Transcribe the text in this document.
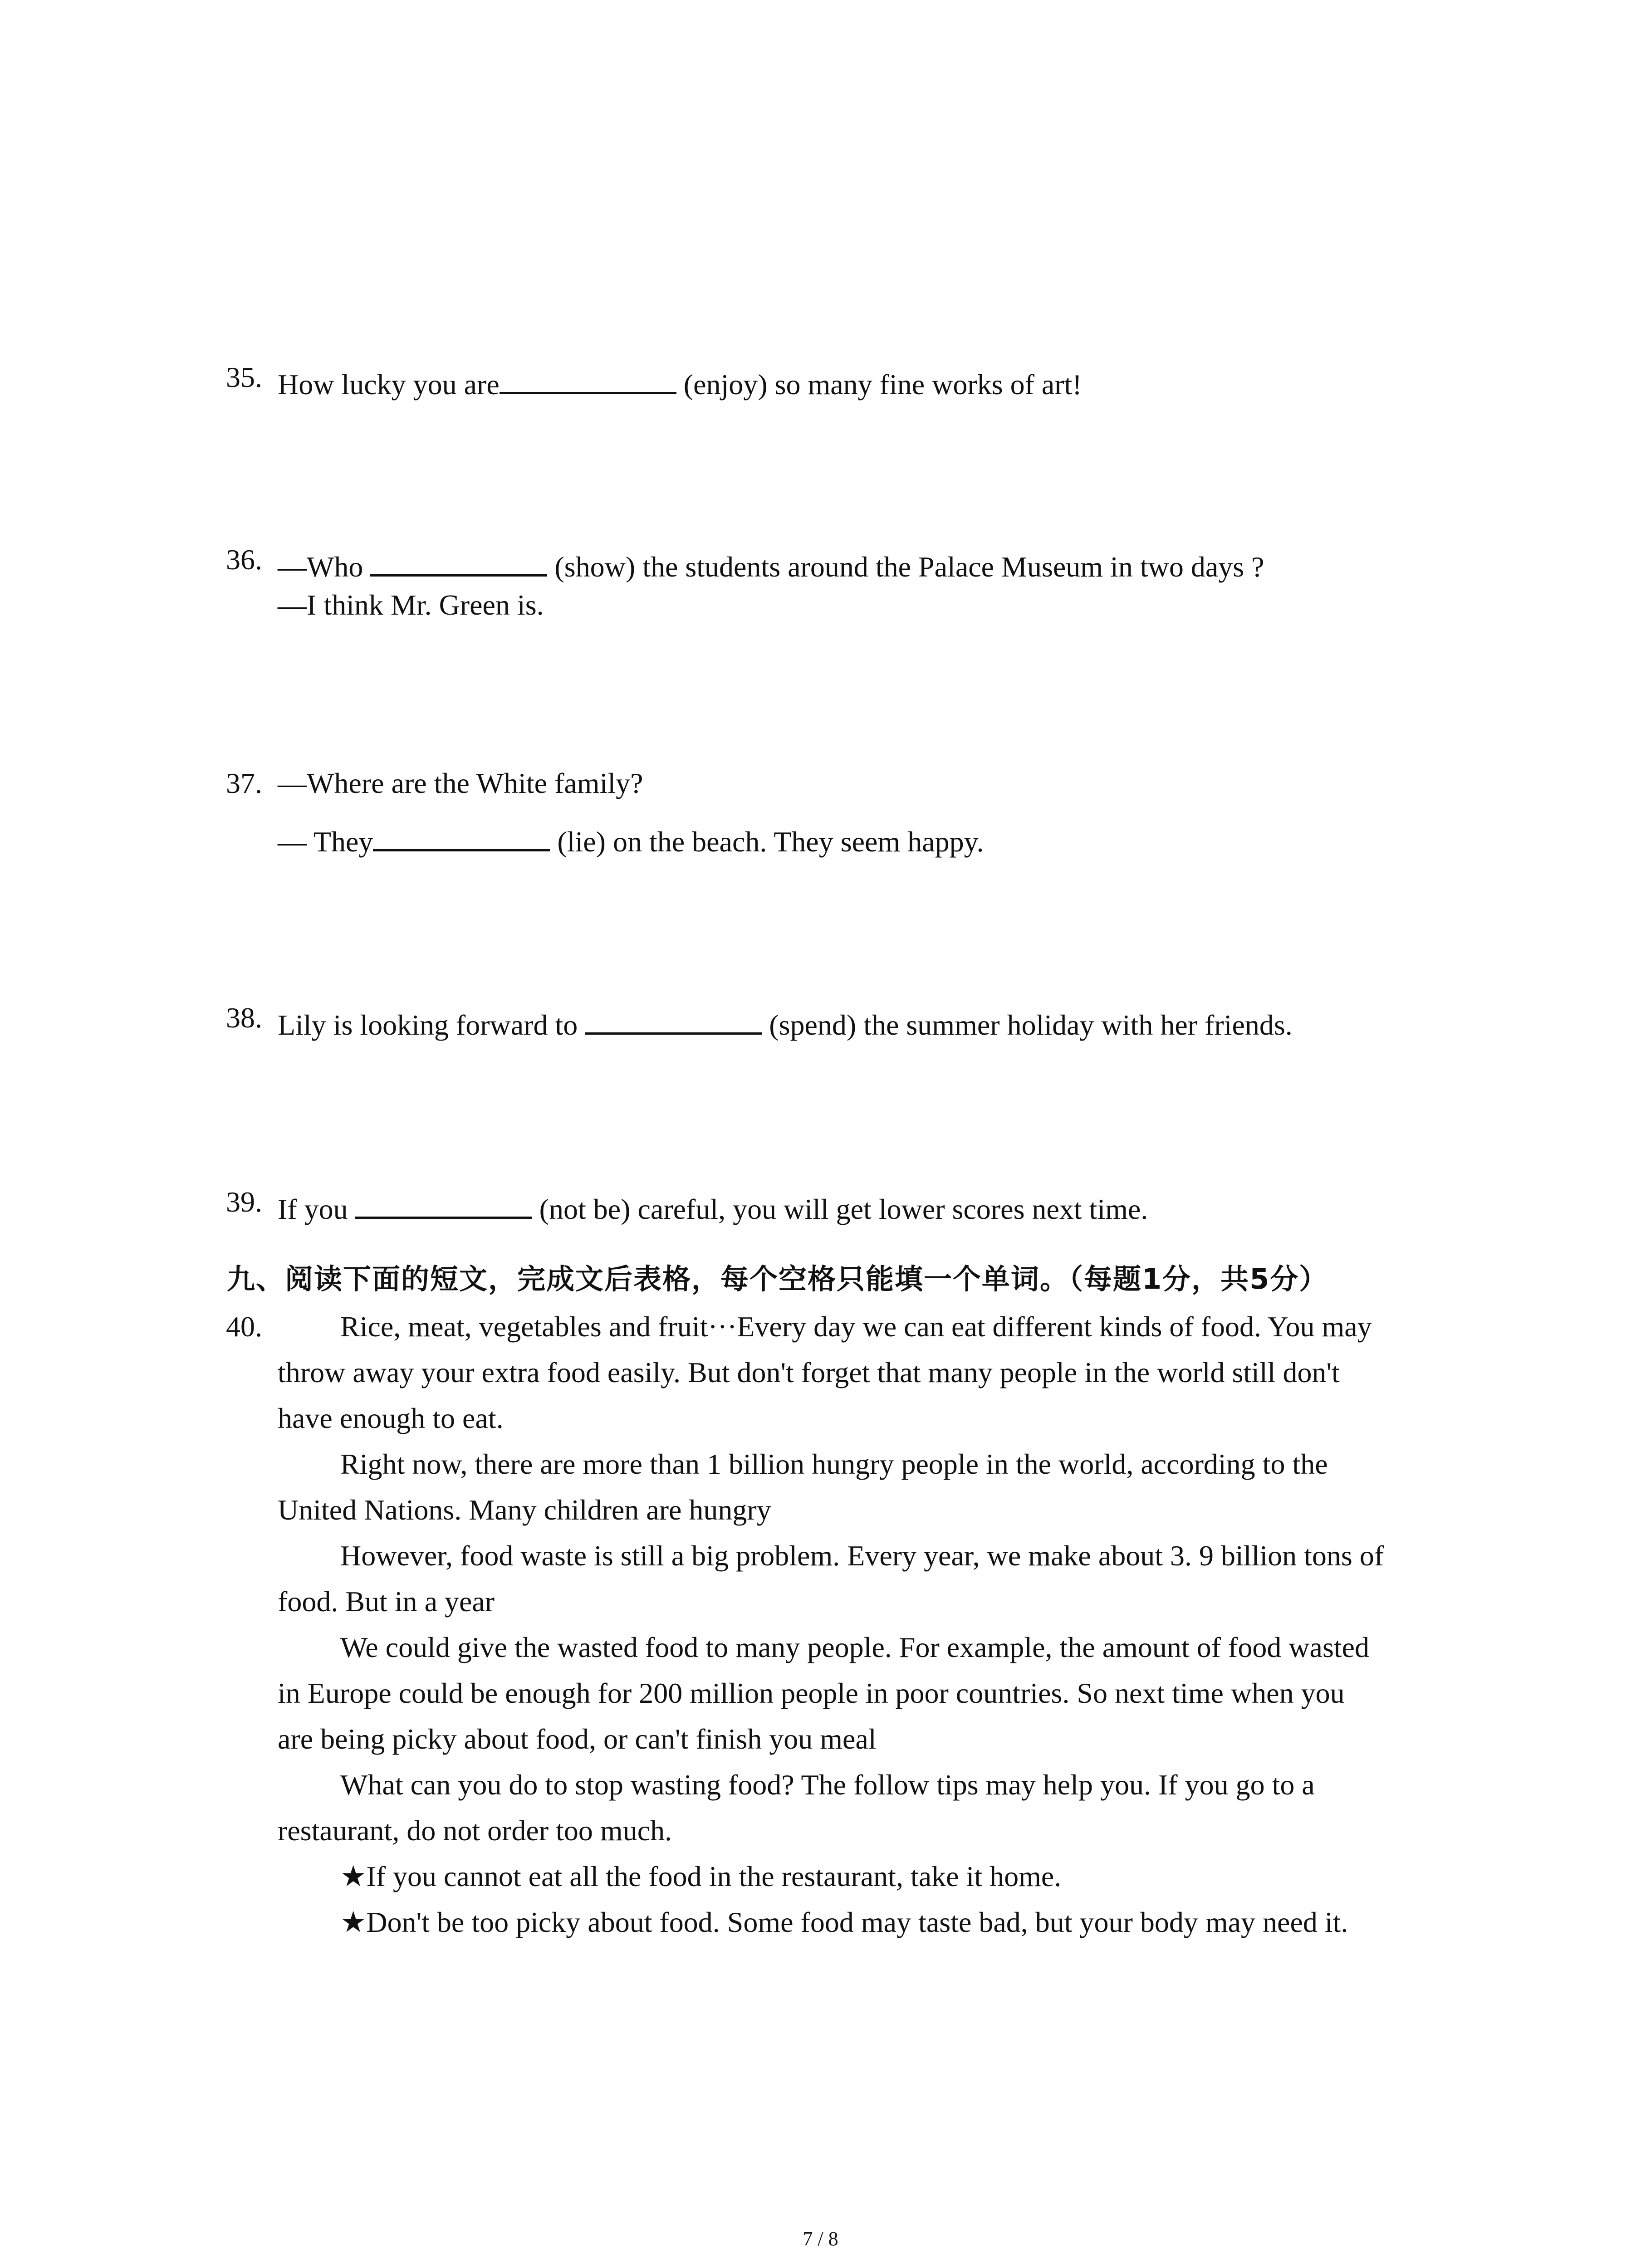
35. How lucky you are	(enjoy) so many fine works of art!
36. —Who	(show) the students around the Palace Museum in two days ?
—I think Mr. Green is.
37. —Where are the White family?
— They	(lie) on the beach. They seem happy.
38. Lily is looking forward to	(spend) the summer holiday with her friends.
39. If you	(not be) careful, you will get lower scores next time.
九、阅读下面的短文，完成文后表格，每个空格只能填一个单词。（每题1分，共5分）
40.	Rice, meat, vegetables and fruit···Every day we can eat different kinds of food. You may
throw away your extra food easily. But don't forget that many people in the world still don't
have enough to eat.
Right now, there are more than 1 billion hungry people in the world, according to the
United Nations. Many children are hungry
However, food waste is still a big problem. Every year, we make about 3. 9 billion tons of
food. But in a year
We could give the wasted food to many people. For example, the amount of food wasted
in Europe could be enough for 200 million people in poor countries. So next time when you
are being picky about food, or can't finish you meal
What can you do to stop wasting food? The follow tips may help you. If you go to a
restaurant, do not order too much.
★If you cannot eat all the food in the restaurant, take it home.
★Don't be too picky about food. Some food may taste bad, but your body may need it.
7 / 8
